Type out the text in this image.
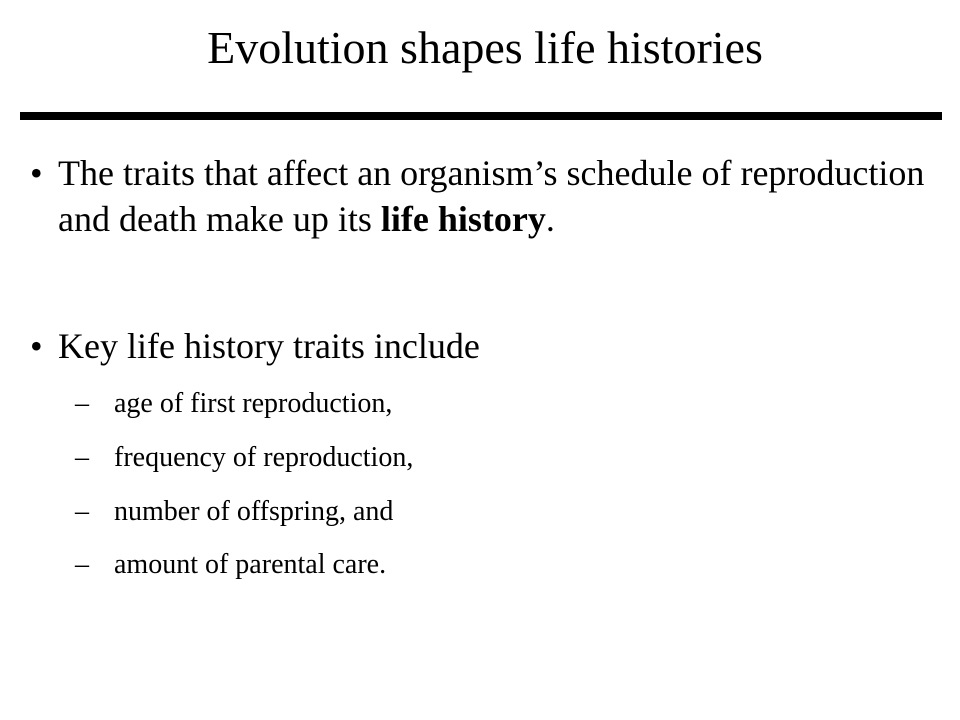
Evolution shapes life histories
• The traits that affect an organism’s schedule of reproduction and death make up its life history.
• Key life history traits include
– age of first reproduction,
– frequency of reproduction,
– number of offspring, and
– amount of parental care.
